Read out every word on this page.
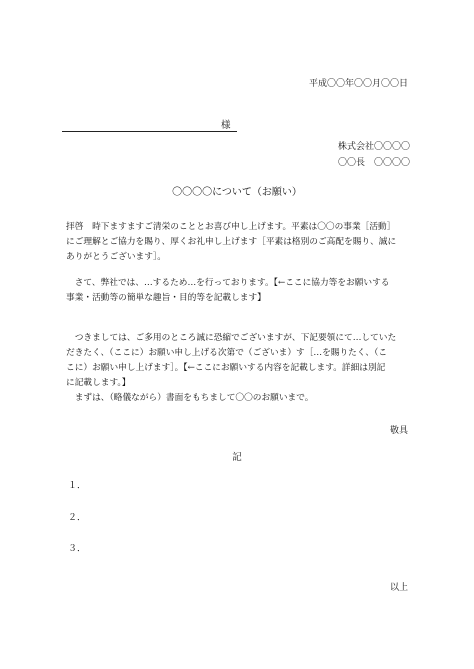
平成〇〇年〇〇月〇〇日
様
株式会社〇〇〇〇
〇〇長　〇〇〇〇
〇〇〇〇について（お願い）
拝啓　時下ますますご清栄のこととお喜び申し上げます。平素は〇〇の事業［活動］
にご理解とご協力を賜り、厚くお礼申し上げます［平素は格別のご高配を賜り、誠に
ありがとうございます］。
　さて、弊社では、…するため…を行っております。【←ここに協力等をお願いする
事業・活動等の簡単な趣旨・目的等を記載します】
　つきましては、ご多用のところ誠に恐縮でございますが、下記要領にて…していた
だきたく、（ここに）お願い申し上げる次第で（ございま）す［…を賜りたく、（こ
こに）お願い申し上げます］。【←ここにお願いする内容を記載します。詳細は別記
に記載します。】
　まずは、（略儀ながら）書面をもちまして〇〇のお願いまで。
敬具
記
１．
２．
３．
以上
